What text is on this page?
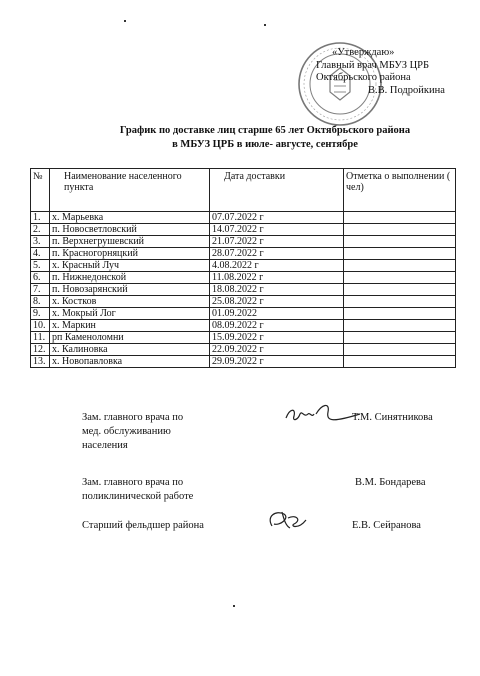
«Утверждаю»
Главный врач МБУЗ ЦРБ
Октябрьского района
В.В. Подройкина
График по доставке лиц старше 65 лет Октябрьского района
в МБУЗ ЦРБ в июле- августе, сентябре
№	Наименование населенного пункта	Дата доставки	Отметка о выполнении ( чел)
1.	х. Марьевка	07.07.2022 г	
2.	п. Новосветловский	14.07.2022 г	
3.	п. Верхнегрушевский	21.07.2022 г	
4.	п. Красногорняцкий	28.07.2022 г	
5.	х. Красный Луч	4.08.2022 г	
6.	п. Нижнедонской	11.08.2022 г	
7.	п. Новозарянский	18.08.2022 г	
8.	х. Костков	25.08.2022 г	
9.	х. Мокрый Лог	01.09.2022	
10.	х. Маркин	08.09.2022 г	
11.	рп Каменоломни	15.09.2022 г	
12.	х. Калиновка	22.09.2022 г	
13.	х. Новопавловка	29.09.2022 г	
Зам. главного врача по
мед. обслуживанию
населения
Т.М. Синятникова
Зам. главного врача по
поликлинической работе
В.М. Бондарева
Старший фельдшер района	Е.В. Сейранова
